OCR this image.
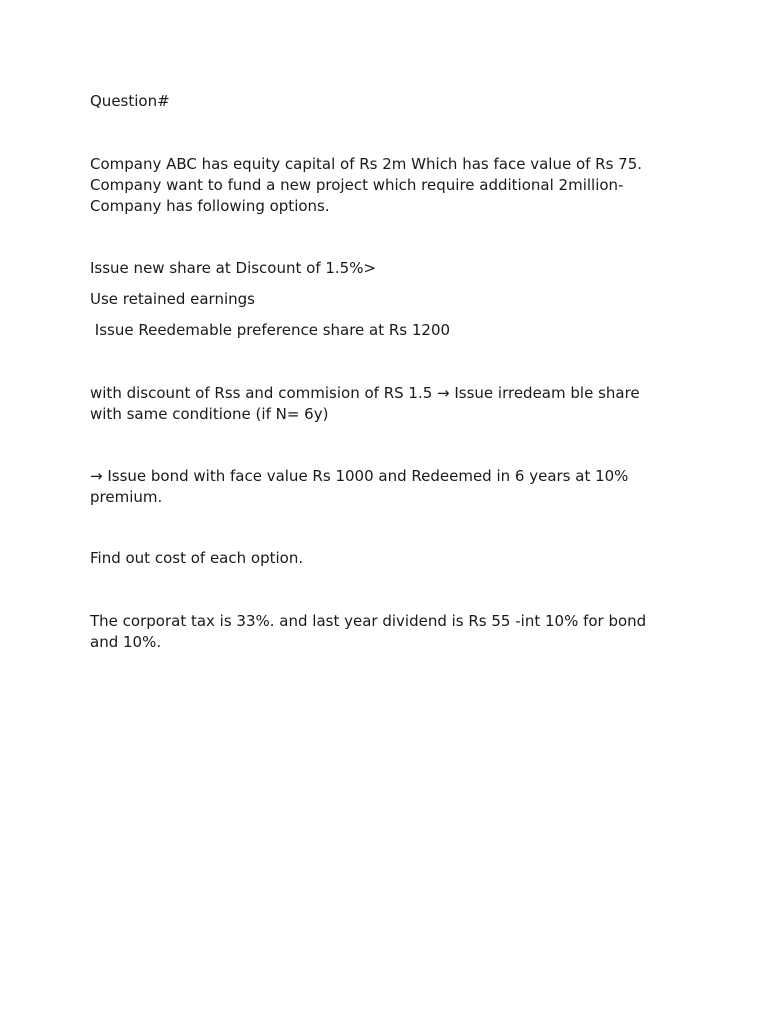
Question#

Company ABC has equity capital of Rs 2m Which has face value of Rs 75.
Company want to fund a new project which require additional 2million-
Company has following options.

Issue new share at Discount of 1.5%>

Use retained earnings

Issue Reedemable preference share at Rs 1200

with discount of Rss and commision of RS 1.5 → Issue irredeam ble share
with same conditione (if N= 6y)

→ Issue bond with face value Rs 1000 and Redeemed in 6 years at 10%
premium.

Find out cost of each option.

The corporat tax is 33%. and last year dividend is Rs 55 -int 10% for bond
and 10%.
